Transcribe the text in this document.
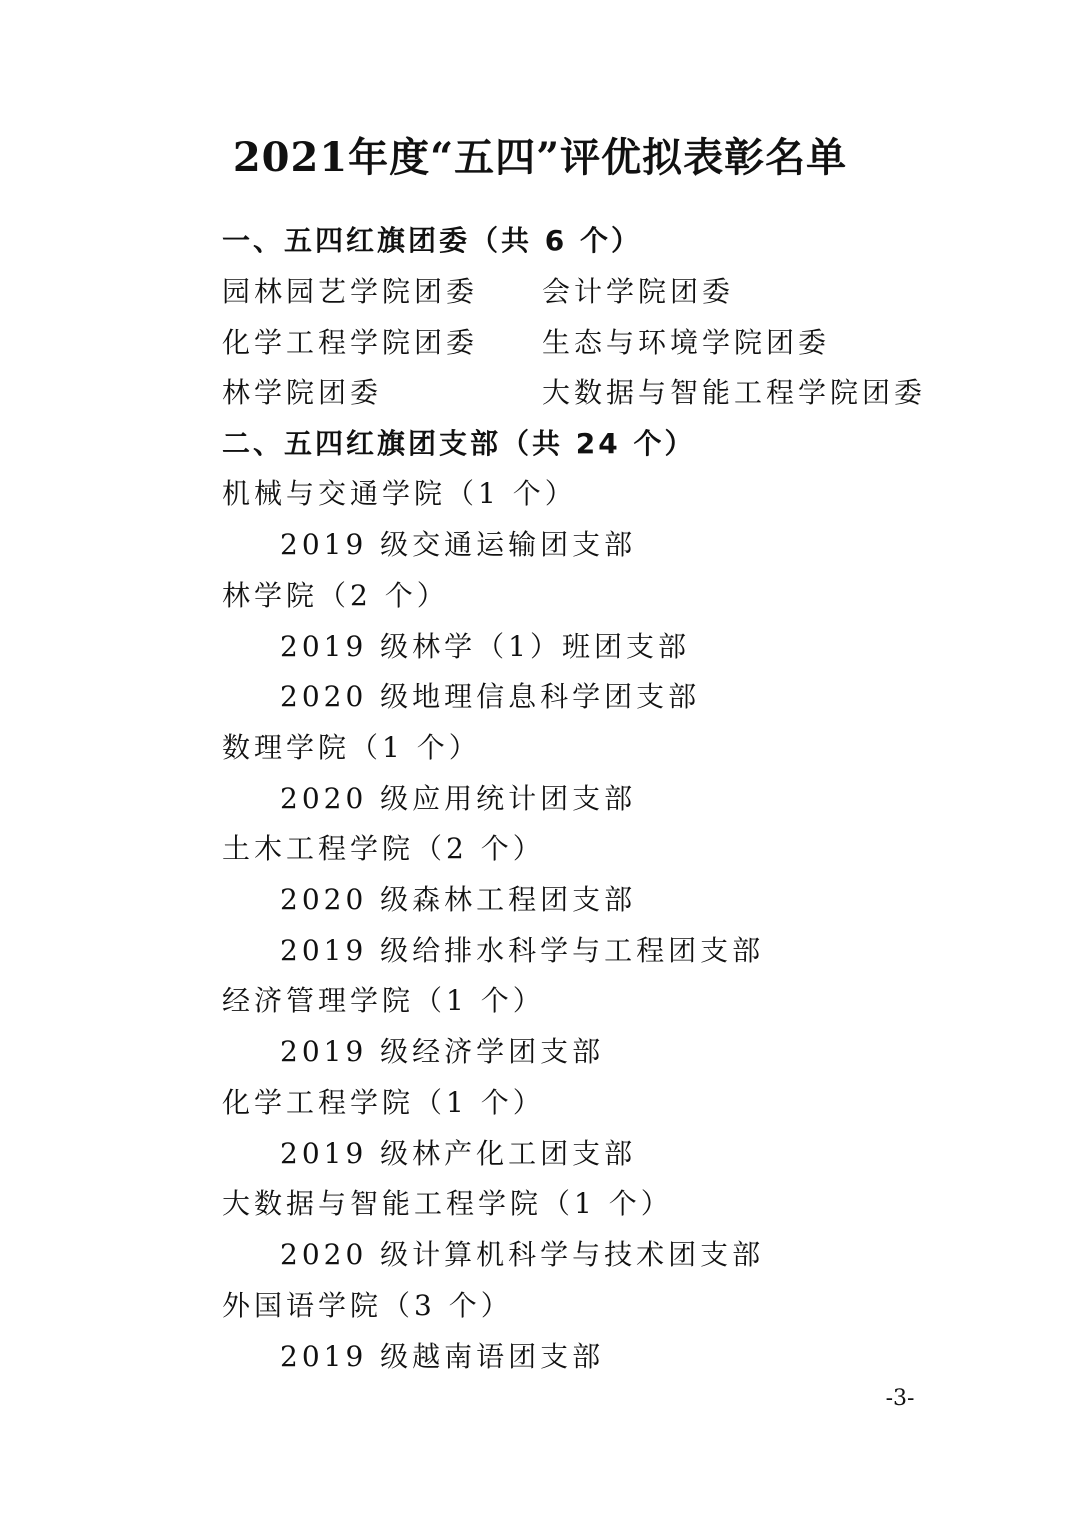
2021年度“五四”评优拟表彰名单
一、五四红旗团委（共 6 个）
园林园艺学院团委 会计学院团委
化学工程学院团委 生态与环境学院团委
林学院团委	大数据与智能工程学院团委
二、五四红旗团支部（共 24 个）
机械与交通学院（1 个）
2019 级交通运输团支部
林学院（2 个）
2019 级林学（1）班团支部
2020 级地理信息科学团支部
数理学院（1 个）
2020 级应用统计团支部
土木工程学院（2 个）
2020 级森林工程团支部
2019 级给排水科学与工程团支部
经济管理学院（1 个）
2019 级经济学团支部
化学工程学院（1 个）
2019 级林产化工团支部
大数据与智能工程学院（1 个）
2020 级计算机科学与技术团支部
外国语学院（3 个）
2019 级越南语团支部
-3-
